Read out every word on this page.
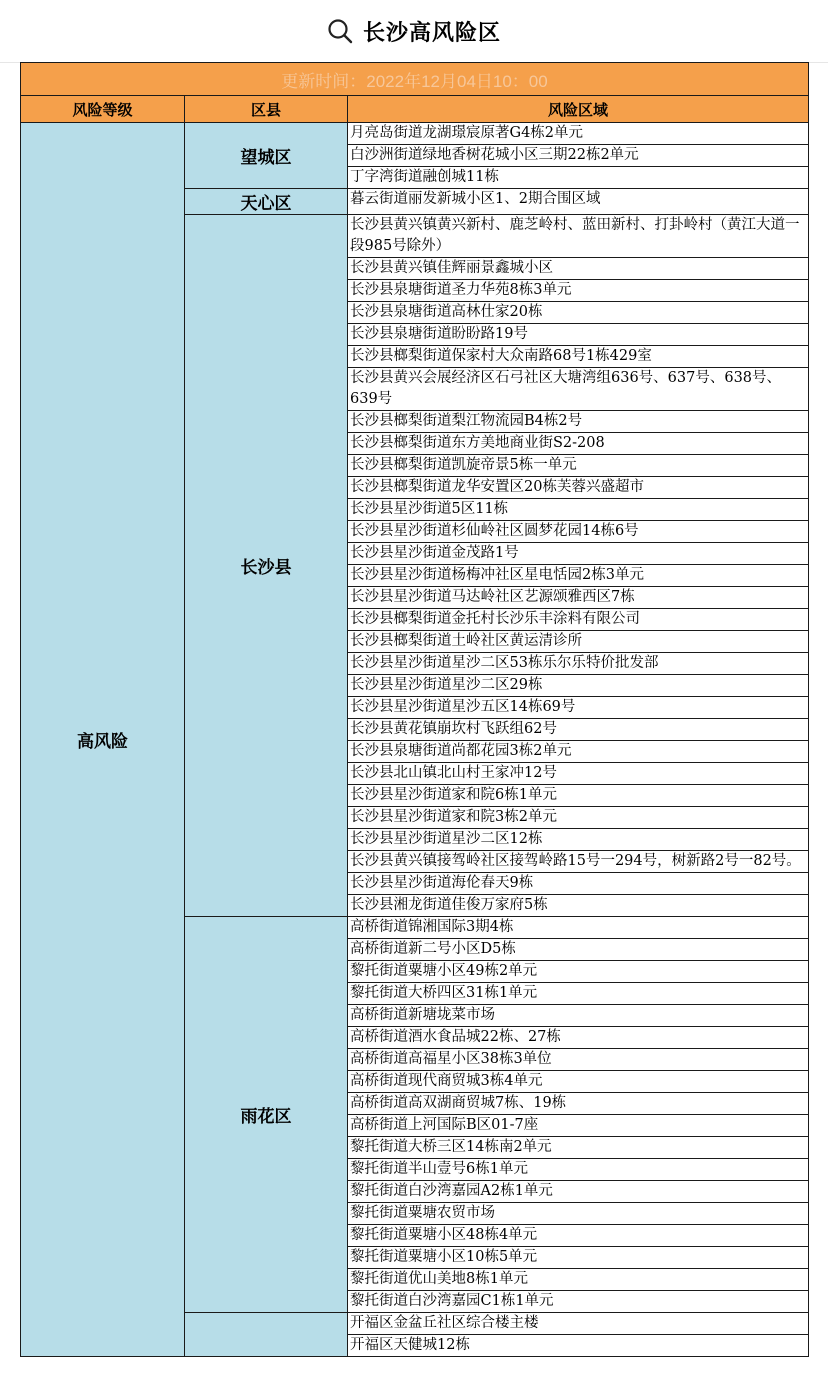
长沙高风险区
更新时间：2022年12月04日10：00		
风险等级	区县	风险区域
高风险	望城区	月亮岛街道龙湖璟宸原著G4栋2单元
		白沙洲街道绿地香树花城小区三期22栋2单元
		丁字湾街道融创城11栋
	天心区	暮云街道丽发新城小区1、2期合围区域
	长沙县	长沙县黄兴镇黄兴新村、鹿芝岭村、蓝田新村、打卦岭村（黄江大道一段985号除外）
		长沙县黄兴镇佳辉丽景鑫城小区
		长沙县泉塘街道圣力华苑8栋3单元
		长沙县泉塘街道高林仕家20栋
		长沙县泉塘街道盼盼路19号
		长沙县榔梨街道保家村大众南路68号1栋429室
		长沙县黄兴会展经济区石弓社区大塘湾组636号、637号、638号、639号
		长沙县榔梨街道梨江物流园B4栋2号
		长沙县榔梨街道东方美地商业街S2-208
		长沙县榔梨街道凯旋帝景5栋一单元
		长沙县榔梨街道龙华安置区20栋芙蓉兴盛超市
		长沙县星沙街道5区11栋
		长沙县星沙街道杉仙岭社区圆梦花园14栋6号
		长沙县星沙街道金茂路1号
		长沙县星沙街道杨梅冲社区星电恬园2栋3单元
		长沙县星沙街道马达岭社区艺源颂雅西区7栋
		长沙县榔梨街道金托村长沙乐丰涂料有限公司
		长沙县榔梨街道土岭社区黄运清诊所
		长沙县星沙街道星沙二区53栋乐尔乐特价批发部
		长沙县星沙街道星沙二区29栋
		长沙县星沙街道星沙五区14栋69号
		长沙县黄花镇崩坎村飞跃组62号
		长沙县泉塘街道尚都花园3栋2单元
		长沙县北山镇北山村王家冲12号
		长沙县星沙街道家和院6栋1单元
		长沙县星沙街道家和院3栋2单元
		长沙县星沙街道星沙二区12栋
		长沙县黄兴镇接驾岭社区接驾岭路15号一294号，树新路2号一82号。
		长沙县星沙街道海伦春天9栋
		长沙县湘龙街道佳俊万家府5栋
	雨花区	高桥街道锦湘国际3期4栋
		高桥街道新二号小区D5栋
		黎托街道粟塘小区49栋2单元
		黎托街道大桥四区31栋1单元
		高桥街道新塘垅菜市场
		高桥街道酒水食品城22栋、27栋
		高桥街道高福星小区38栋3单位
		高桥街道现代商贸城3栋4单元
		高桥街道高双湖商贸城7栋、19栋
		高桥街道上河国际B区01-7座
		黎托街道大桥三区14栋南2单元
		黎托街道半山壹号6栋1单元
		黎托街道白沙湾嘉园A2栋1单元
		黎托街道粟塘农贸市场
		黎托街道粟塘小区48栋4单元
		黎托街道粟塘小区10栋5单元
		黎托街道优山美地8栋1单元
		黎托街道白沙湾嘉园C1栋1单元
		开福区金盆丘社区综合楼主楼
		开福区天健城12栋
